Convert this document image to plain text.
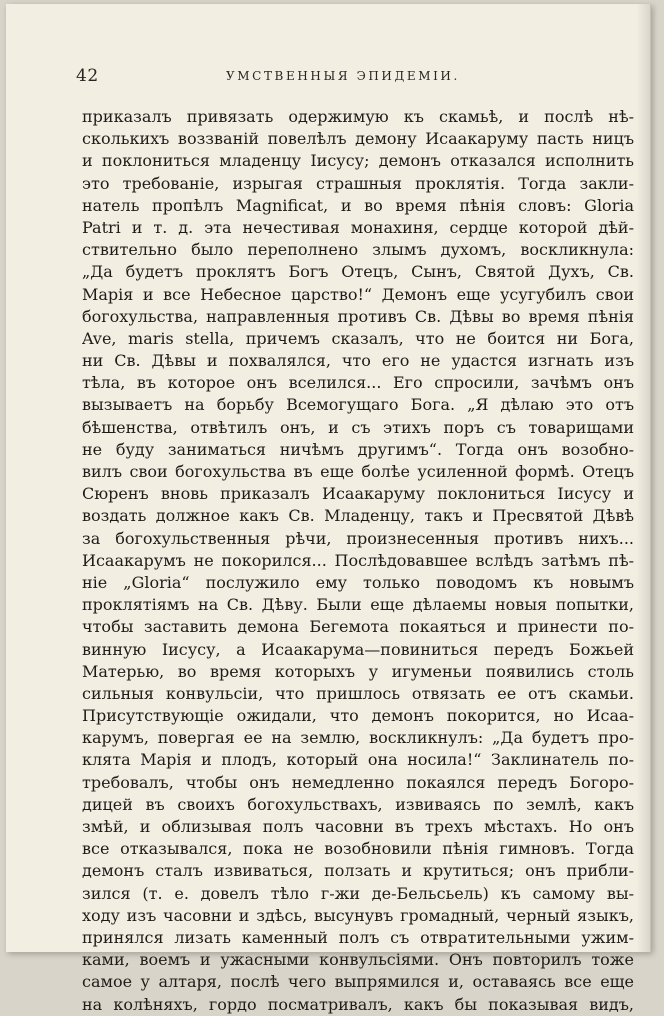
42	УМСТВЕННЫЯ ЭПИДЕМІИ.
приказалъ привязать одержимую къ скамьѣ, и послѣ нѣ-
сколькихъ воззваній повелѣлъ демону Исаакаруму пасть ницъ
и поклониться младенцу Іисусу; демонъ отказался исполнить
это требованіе, изрыгая страшныя проклятія. Тогда закли-
натель пропѣлъ Magnificat, и во время пѣнія словъ: Gloria
Patri и т. д. эта нечестивая монахиня, сердце которой дѣй-
ствительно было переполнено злымъ духомъ, воскликнула:
„Да будетъ проклятъ Богъ Отецъ, Сынъ, Святой Духъ, Св.
Марія и все Небесное царство!“ Демонъ еще усугубилъ свои
богохульства, направленныя противъ Св. Дѣвы во время пѣнія
Ave, maris stella, причемъ сказалъ, что не боится ни Бога,
ни Св. Дѣвы и похвалялся, что его не удастся изгнать изъ
тѣла, въ которое онъ вселился... Его спросили, зачѣмъ онъ
вызываетъ на борьбу Всемогущаго Бога. „Я дѣлаю это отъ
бѣшенства, отвѣтилъ онъ, и съ этихъ поръ съ товарищами
не буду заниматься ничѣмъ другимъ“. Тогда онъ возобно-
вилъ свои богохульства въ еще болѣе усиленной формѣ. Отецъ
Сюренъ вновь приказалъ Исаакаруму поклониться Іисусу и
воздать должное какъ Св. Младенцу, такъ и Пресвятой Дѣвѣ
за богохульственныя рѣчи, произнесенныя противъ нихъ...
Исаакарумъ не покорился... Послѣдовавшее вслѣдъ затѣмъ пѣ-
ніе „Gloria“ послужило ему только поводомъ къ новымъ
проклятіямъ на Св. Дѣву. Были еще дѣлаемы новыя попытки,
чтобы заставить демона Бегемота покаяться и принести по-
винную Іисусу, а Исаакарума—повиниться передъ Божьей
Матерью, во время которыхъ у игуменьи появились столь
сильныя конвульсіи, что пришлось отвязать ее отъ скамьи.
Присутствующіе ожидали, что демонъ покорится, но Исаа-
карумъ, повергая ее на землю, воскликнулъ: „Да будетъ про-
клята Марія и плодъ, который она носила!“ Заклинатель по-
требовалъ, чтобы онъ немедленно покаялся передъ Богоро-
дицей въ своихъ богохульствахъ, извиваясь по землѣ, какъ
змѣй, и облизывая полъ часовни въ трехъ мѣстахъ. Но онъ
все отказывался, пока не возобновили пѣнія гимновъ. Тогда
демонъ сталъ извиваться, ползать и крутиться; онъ прибли-
зился (т. е. довелъ тѣло г-жи де-Бельсьель) къ самому вы-
ходу изъ часовни и здѣсь, высунувъ громадный, черный языкъ,
принялся лизать каменный полъ съ отвратительными ужим-
ками, воемъ и ужасными конвульсіями. Онъ повторилъ тоже
самое у алтаря, послѣ чего выпрямился и, оставаясь все еще
на колѣняхъ, гордо посматривалъ, какъ бы показывая видъ,
